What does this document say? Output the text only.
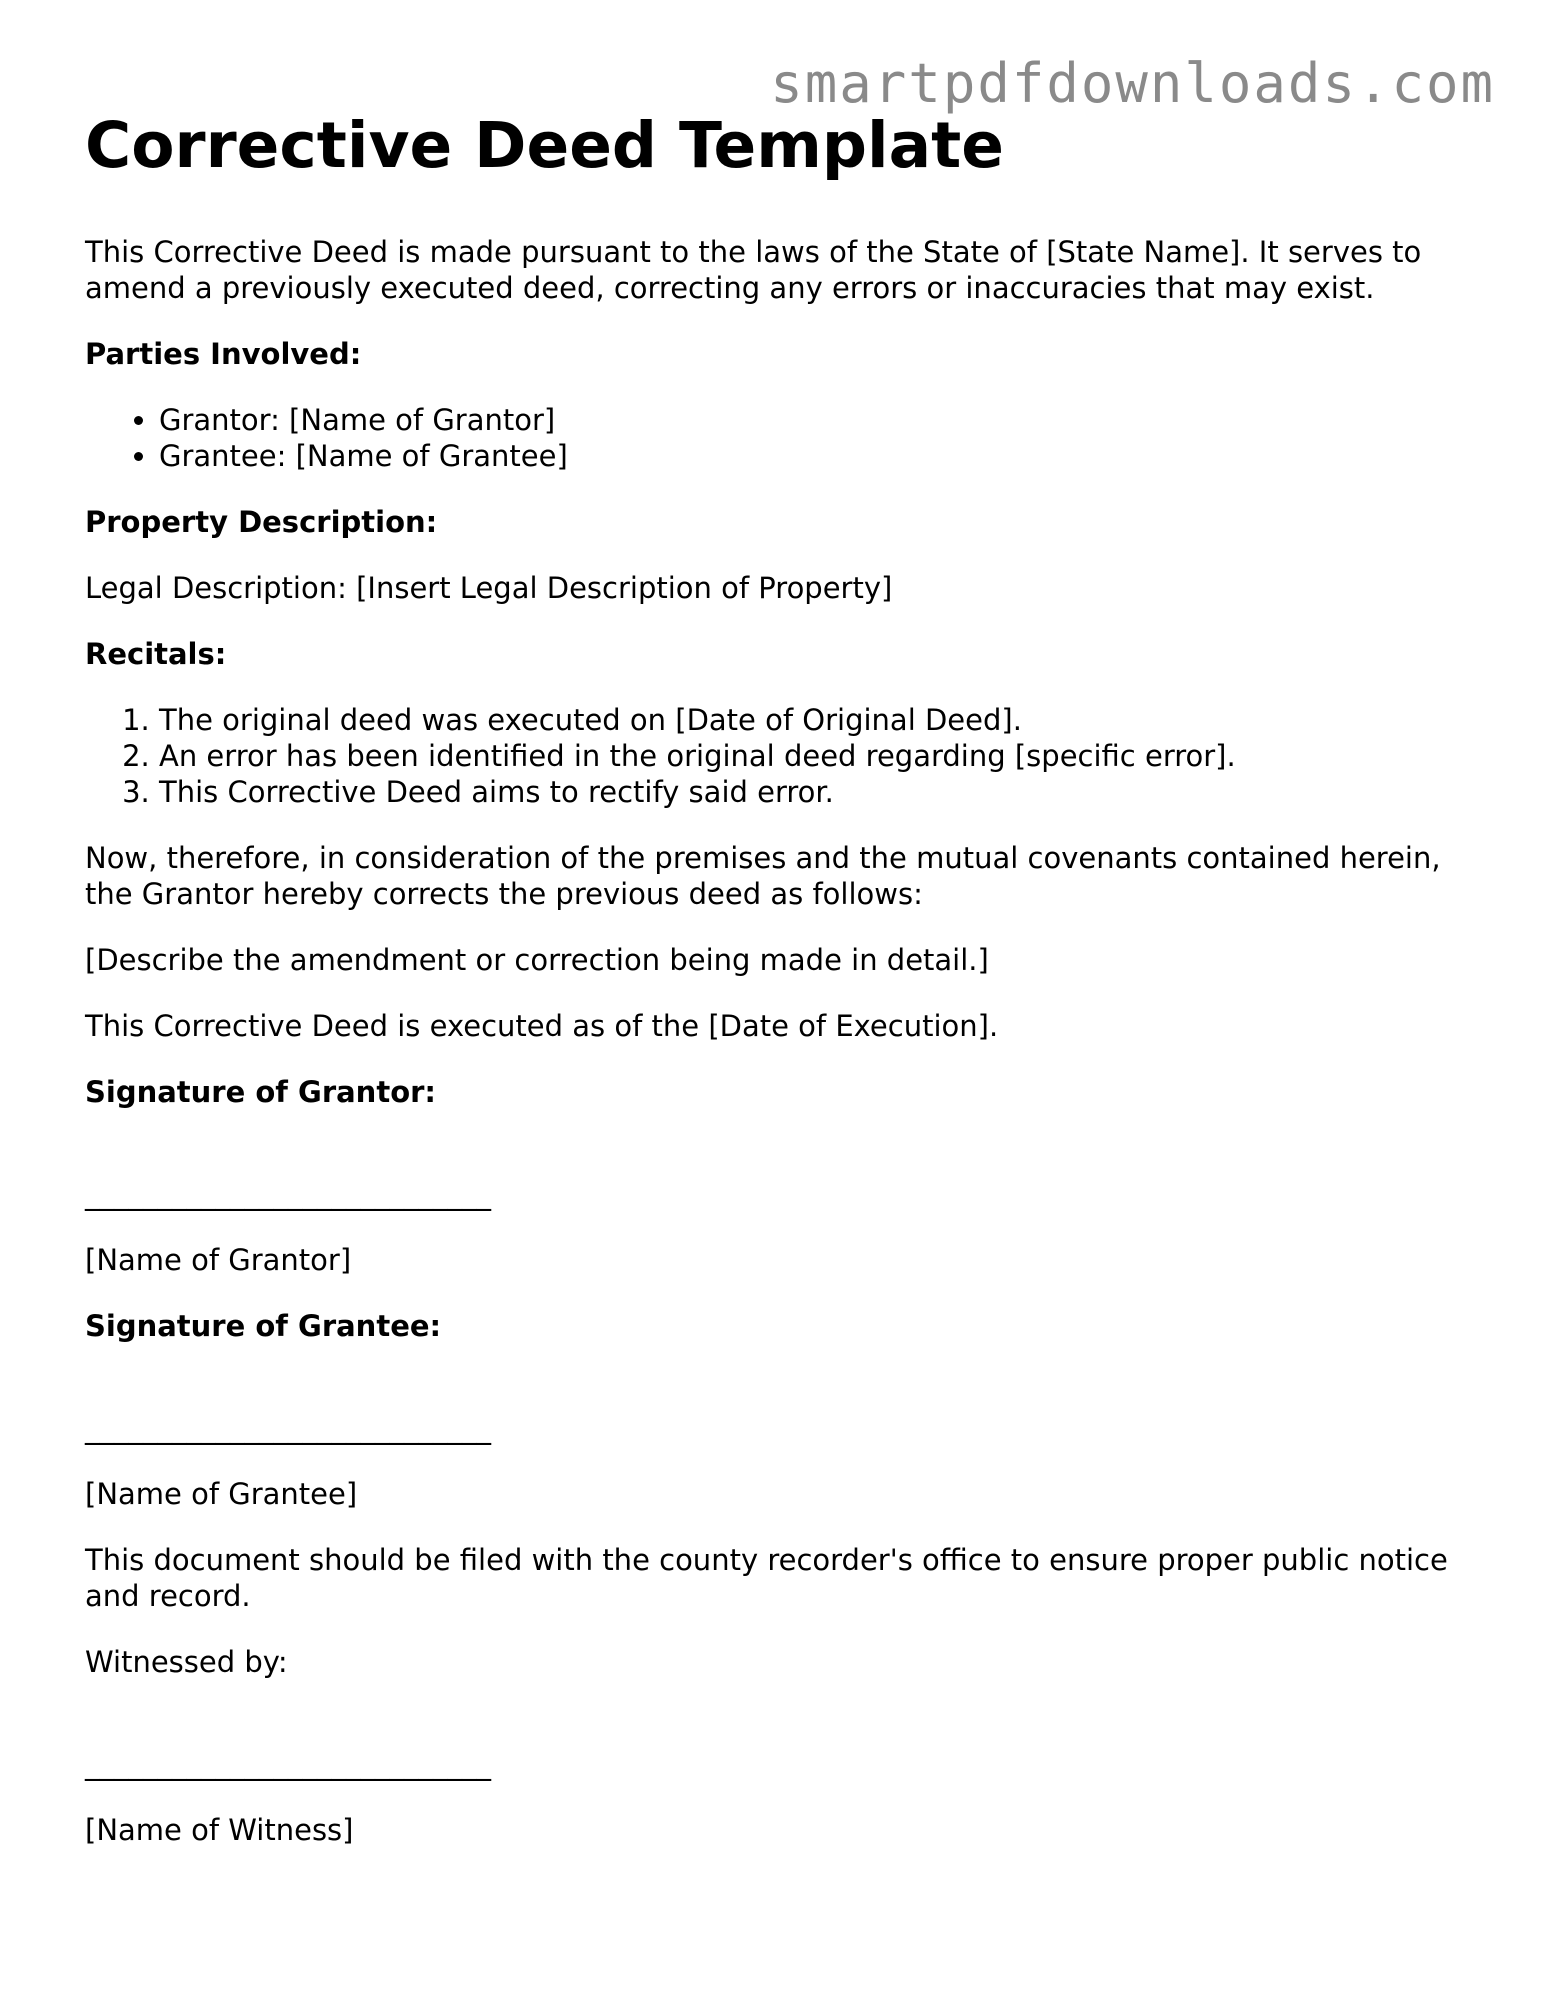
smartpdfdownloads.com
Corrective Deed Template

This Corrective Deed is made pursuant to the laws of the State of [State Name]. It serves to amend a previously executed deed, correcting any errors or inaccuracies that may exist.

Parties Involved:

• Grantor: [Name of Grantor]
• Grantee: [Name of Grantee]

Property Description:

Legal Description: [Insert Legal Description of Property]

Recitals:

1. The original deed was executed on [Date of Original Deed].
2. An error has been identified in the original deed regarding [specific error].
3. This Corrective Deed aims to rectify said error.

Now, therefore, in consideration of the premises and the mutual covenants contained herein, the Grantor hereby corrects the previous deed as follows:

[Describe the amendment or correction being made in detail.]

This Corrective Deed is executed as of the [Date of Execution].

Signature of Grantor:

____________________________

[Name of Grantor]

Signature of Grantee:

____________________________

[Name of Grantee]

This document should be filed with the county recorder's office to ensure proper public notice and record.

Witnessed by:

____________________________

[Name of Witness]
